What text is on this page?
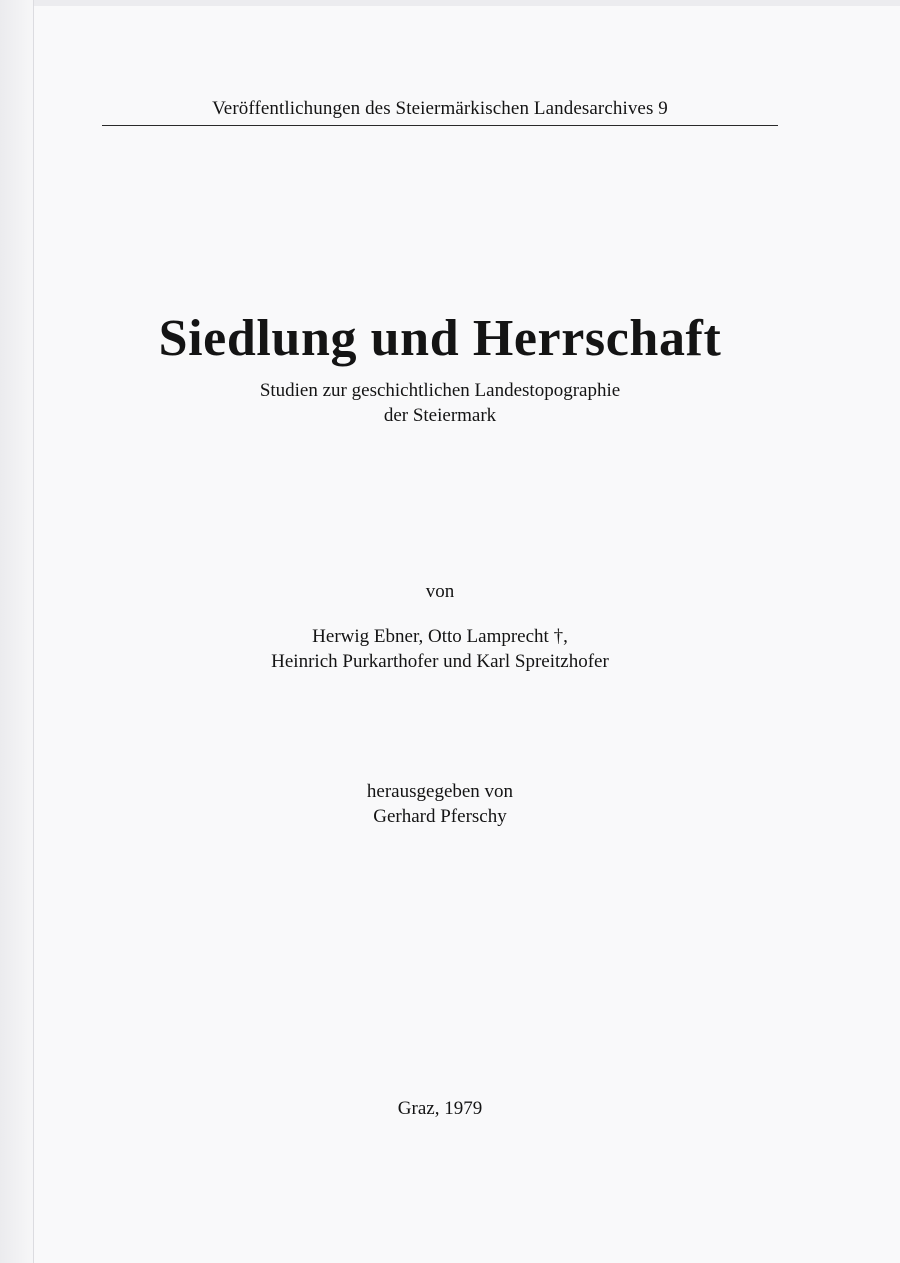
Veröffentlichungen des Steiermärkischen Landesarchives 9
Siedlung und Herrschaft
Studien zur geschichtlichen Landestopographie
der Steiermark
von
Herwig Ebner, Otto Lamprecht †,
Heinrich Purkarthofer und Karl Spreitzhofer
herausgegeben von
Gerhard Pferschy
Graz, 1979
